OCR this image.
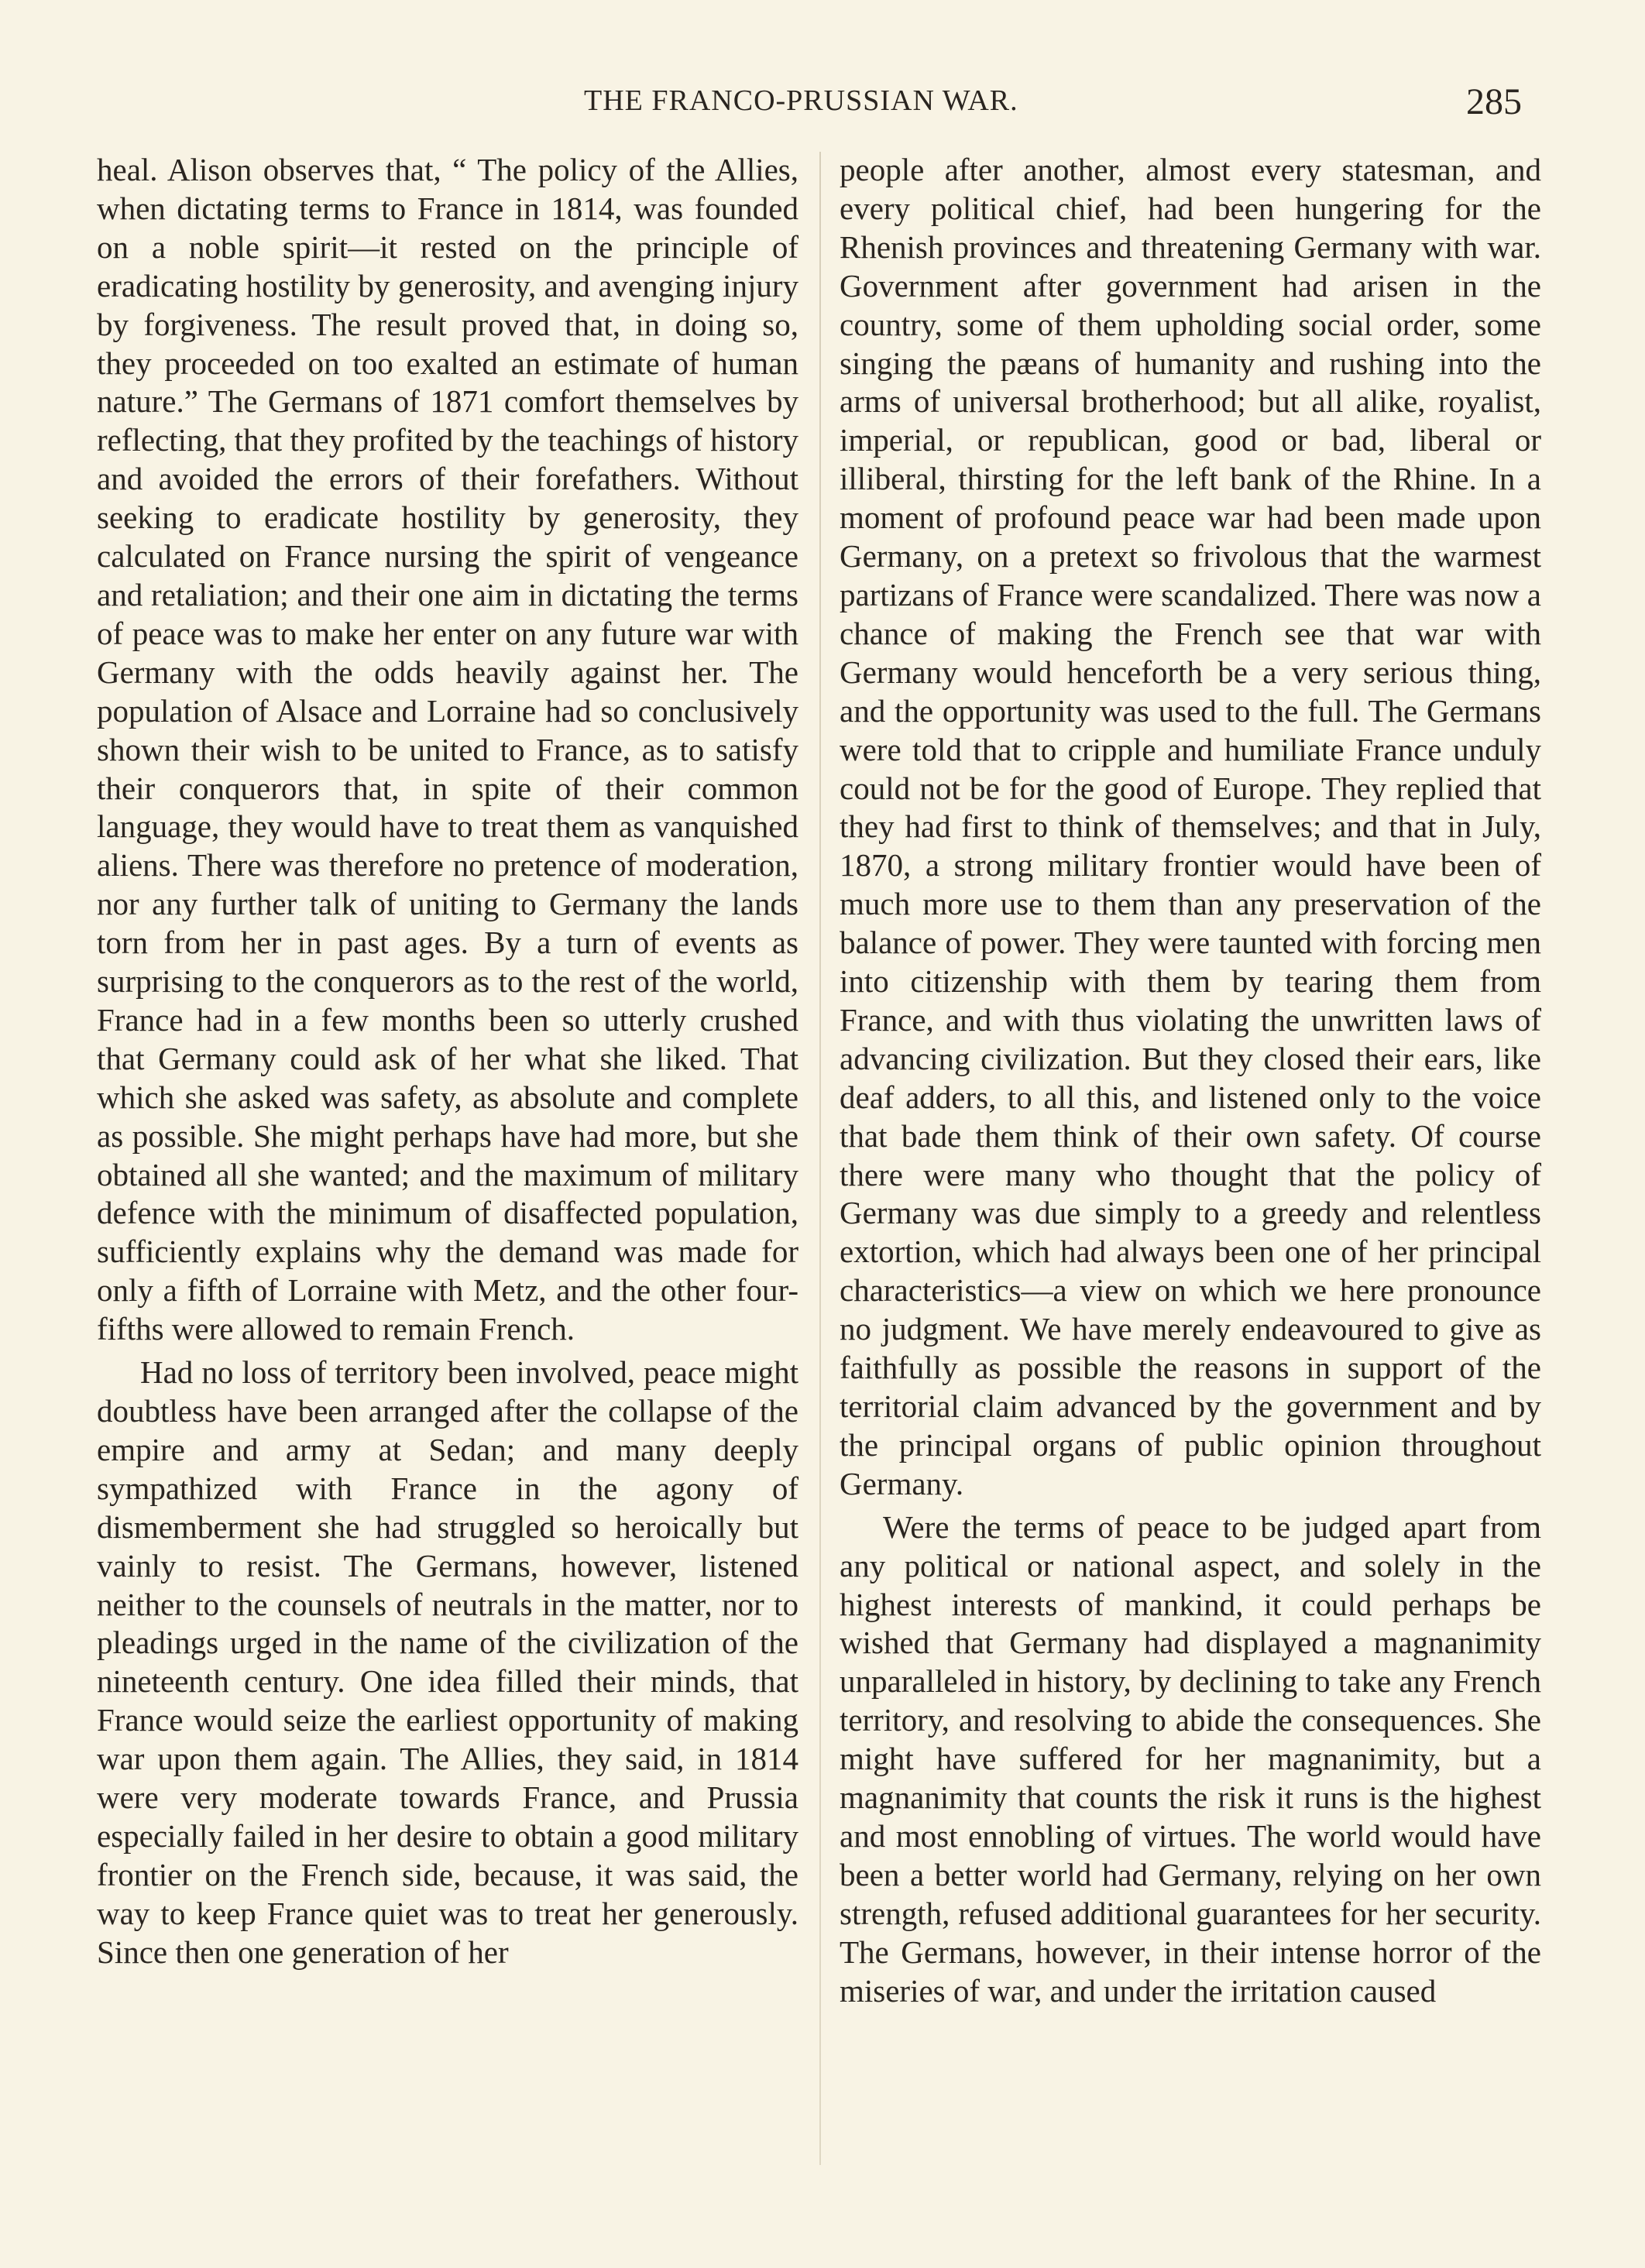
THE FRANCO-PRUSSIAN WAR.	285

heal. Alison observes that, “ The policy of the Allies, when dictating terms to France in 1814, was founded on a noble spirit—it rested on the principle of eradicating hostility by generosity, and avenging injury by forgiveness. The result proved that, in doing so, they proceeded on too exalted an estimate of human nature.” The Germans of 1871 comfort themselves by reflecting, that they profited by the teachings of history and avoided the errors of their forefathers. Without seeking to eradicate hostility by generosity, they calculated on France nursing the spirit of vengeance and retaliation; and their one aim in dictating the terms of peace was to make her enter on any future war with Germany with the odds heavily against her. The population of Alsace and Lorraine had so conclusively shown their wish to be united to France, as to satisfy their conquerors that, in spite of their common language, they would have to treat them as vanquished aliens. There was therefore no pretence of moderation, nor any further talk of uniting to Germany the lands torn from her in past ages. By a turn of events as surprising to the conquerors as to the rest of the world, France had in a few months been so utterly crushed that Germany could ask of her what she liked. That which she asked was safety, as absolute and complete as possible. She might perhaps have had more, but she obtained all she wanted; and the maximum of military defence with the minimum of disaffected population, sufficiently explains why the demand was made for only a fifth of Lorraine with Metz, and the other four-fifths were allowed to remain French.

Had no loss of territory been involved, peace might doubtless have been arranged after the collapse of the empire and army at Sedan; and many deeply sympathized with France in the agony of dismemberment she had struggled so heroically but vainly to resist. The Germans, however, listened neither to the counsels of neutrals in the matter, nor to pleadings urged in the name of the civilization of the nineteenth century. One idea filled their minds, that France would seize the earliest opportunity of making war upon them again. The Allies, they said, in 1814 were very moderate towards France, and Prussia especially failed in her desire to obtain a good military frontier on the French side, because, it was said, the way to keep France quiet was to treat her generously. Since then one generation of her

people after another, almost every statesman, and every political chief, had been hungering for the Rhenish provinces and threatening Germany with war. Government after government had arisen in the country, some of them upholding social order, some singing the pæans of humanity and rushing into the arms of universal brotherhood; but all alike, royalist, imperial, or republican, good or bad, liberal or illiberal, thirsting for the left bank of the Rhine. In a moment of profound peace war had been made upon Germany, on a pretext so frivolous that the warmest partizans of France were scandalized. There was now a chance of making the French see that war with Germany would henceforth be a very serious thing, and the opportunity was used to the full. The Germans were told that to cripple and humiliate France unduly could not be for the good of Europe. They replied that they had first to think of themselves; and that in July, 1870, a strong military frontier would have been of much more use to them than any preservation of the balance of power. They were taunted with forcing men into citizenship with them by tearing them from France, and with thus violating the unwritten laws of advancing civilization. But they closed their ears, like deaf adders, to all this, and listened only to the voice that bade them think of their own safety. Of course there were many who thought that the policy of Germany was due simply to a greedy and relentless extortion, which had always been one of her principal characteristics—a view on which we here pronounce no judgment. We have merely endeavoured to give as faithfully as possible the reasons in support of the territorial claim advanced by the government and by the principal organs of public opinion throughout Germany.

Were the terms of peace to be judged apart from any political or national aspect, and solely in the highest interests of mankind, it could perhaps be wished that Germany had displayed a magnanimity unparalleled in history, by declining to take any French territory, and resolving to abide the consequences. She might have suffered for her magnanimity, but a magnanimity that counts the risk it runs is the highest and most ennobling of virtues. The world would have been a better world had Germany, relying on her own strength, refused additional guarantees for her security. The Germans, however, in their intense horror of the miseries of war, and under the irritation caused
